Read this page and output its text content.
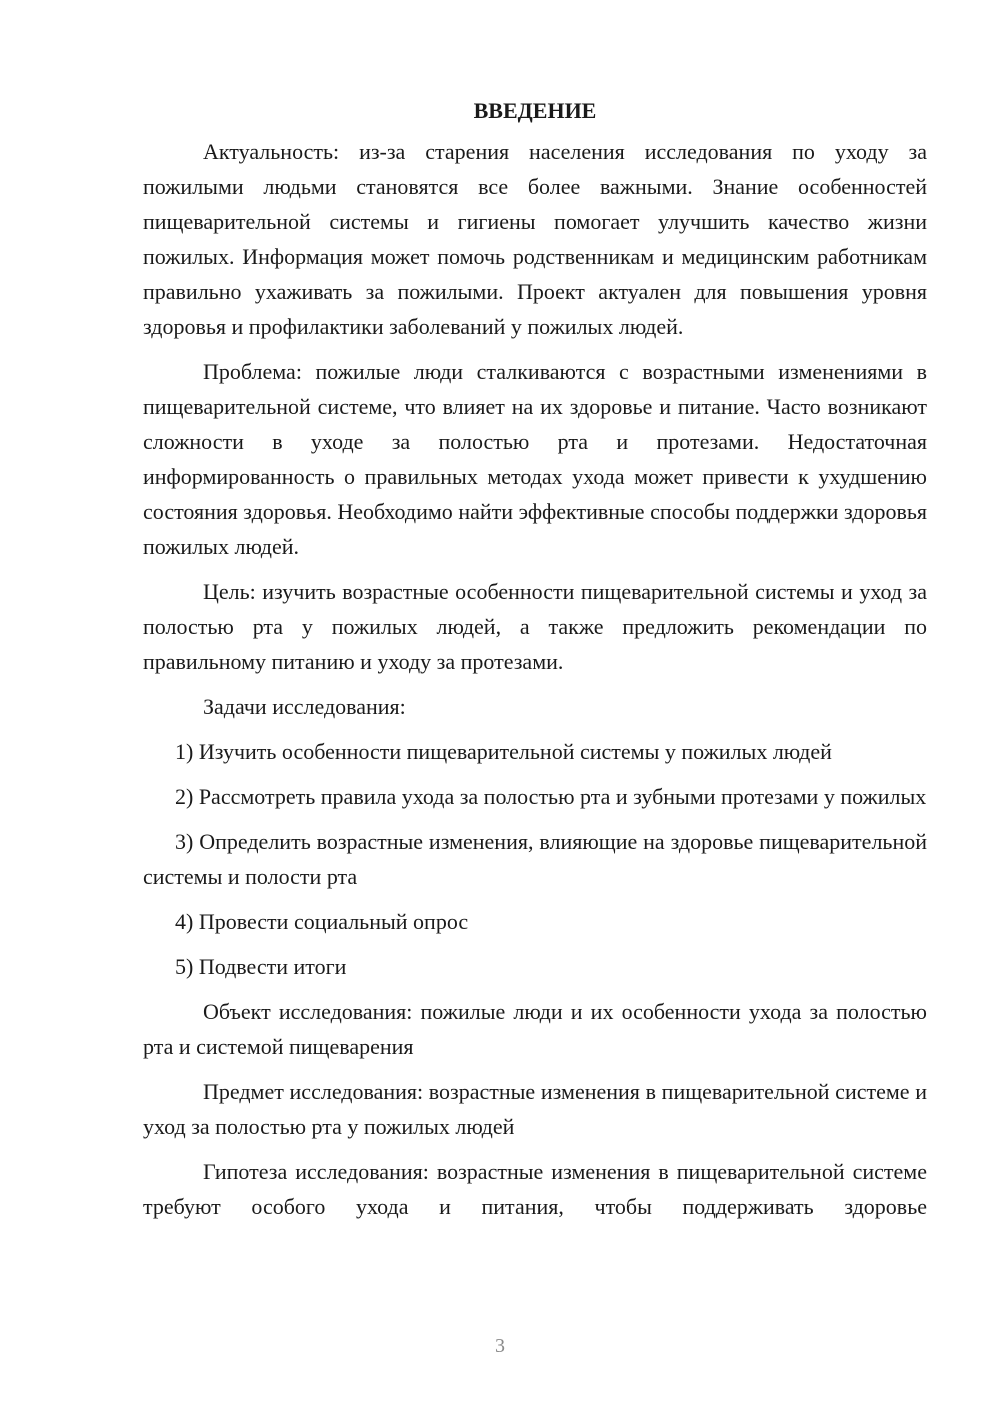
ВВЕДЕНИЕ

Актуальность: из-за старения населения исследования по уходу за пожилыми людьми становятся все более важными. Знание особенностей пищеварительной системы и гигиены помогает улучшить качество жизни пожилых. Информация может помочь родственникам и медицинским работникам правильно ухаживать за пожилыми. Проект актуален для повышения уровня здоровья и профилактики заболеваний у пожилых людей.

Проблема: пожилые люди сталкиваются с возрастными изменениями в пищеварительной системе, что влияет на их здоровье и питание. Часто возникают сложности в уходе за полостью рта и протезами. Недостаточная информированность о правильных методах ухода может привести к ухудшению состояния здоровья. Необходимо найти эффективные способы поддержки здоровья пожилых людей.

Цель: изучить возрастные особенности пищеварительной системы и уход за полостью рта у пожилых людей, а также предложить рекомендации по правильному питанию и уходу за протезами.

Задачи исследования:

1) Изучить особенности пищеварительной системы у пожилых людей

2) Рассмотреть правила ухода за полостью рта и зубными протезами у пожилых

3) Определить возрастные изменения, влияющие на здоровье пищеварительной системы и полости рта

4) Провести социальный опрос

5) Подвести итоги

Объект исследования: пожилые люди и их особенности ухода за полостью рта и системой пищеварения

Предмет исследования: возрастные изменения в пищеварительной системе и уход за полостью рта у пожилых людей

Гипотеза исследования: возрастные изменения в пищеварительной системе требуют особого ухода и питания, чтобы поддерживать здоровье

3
